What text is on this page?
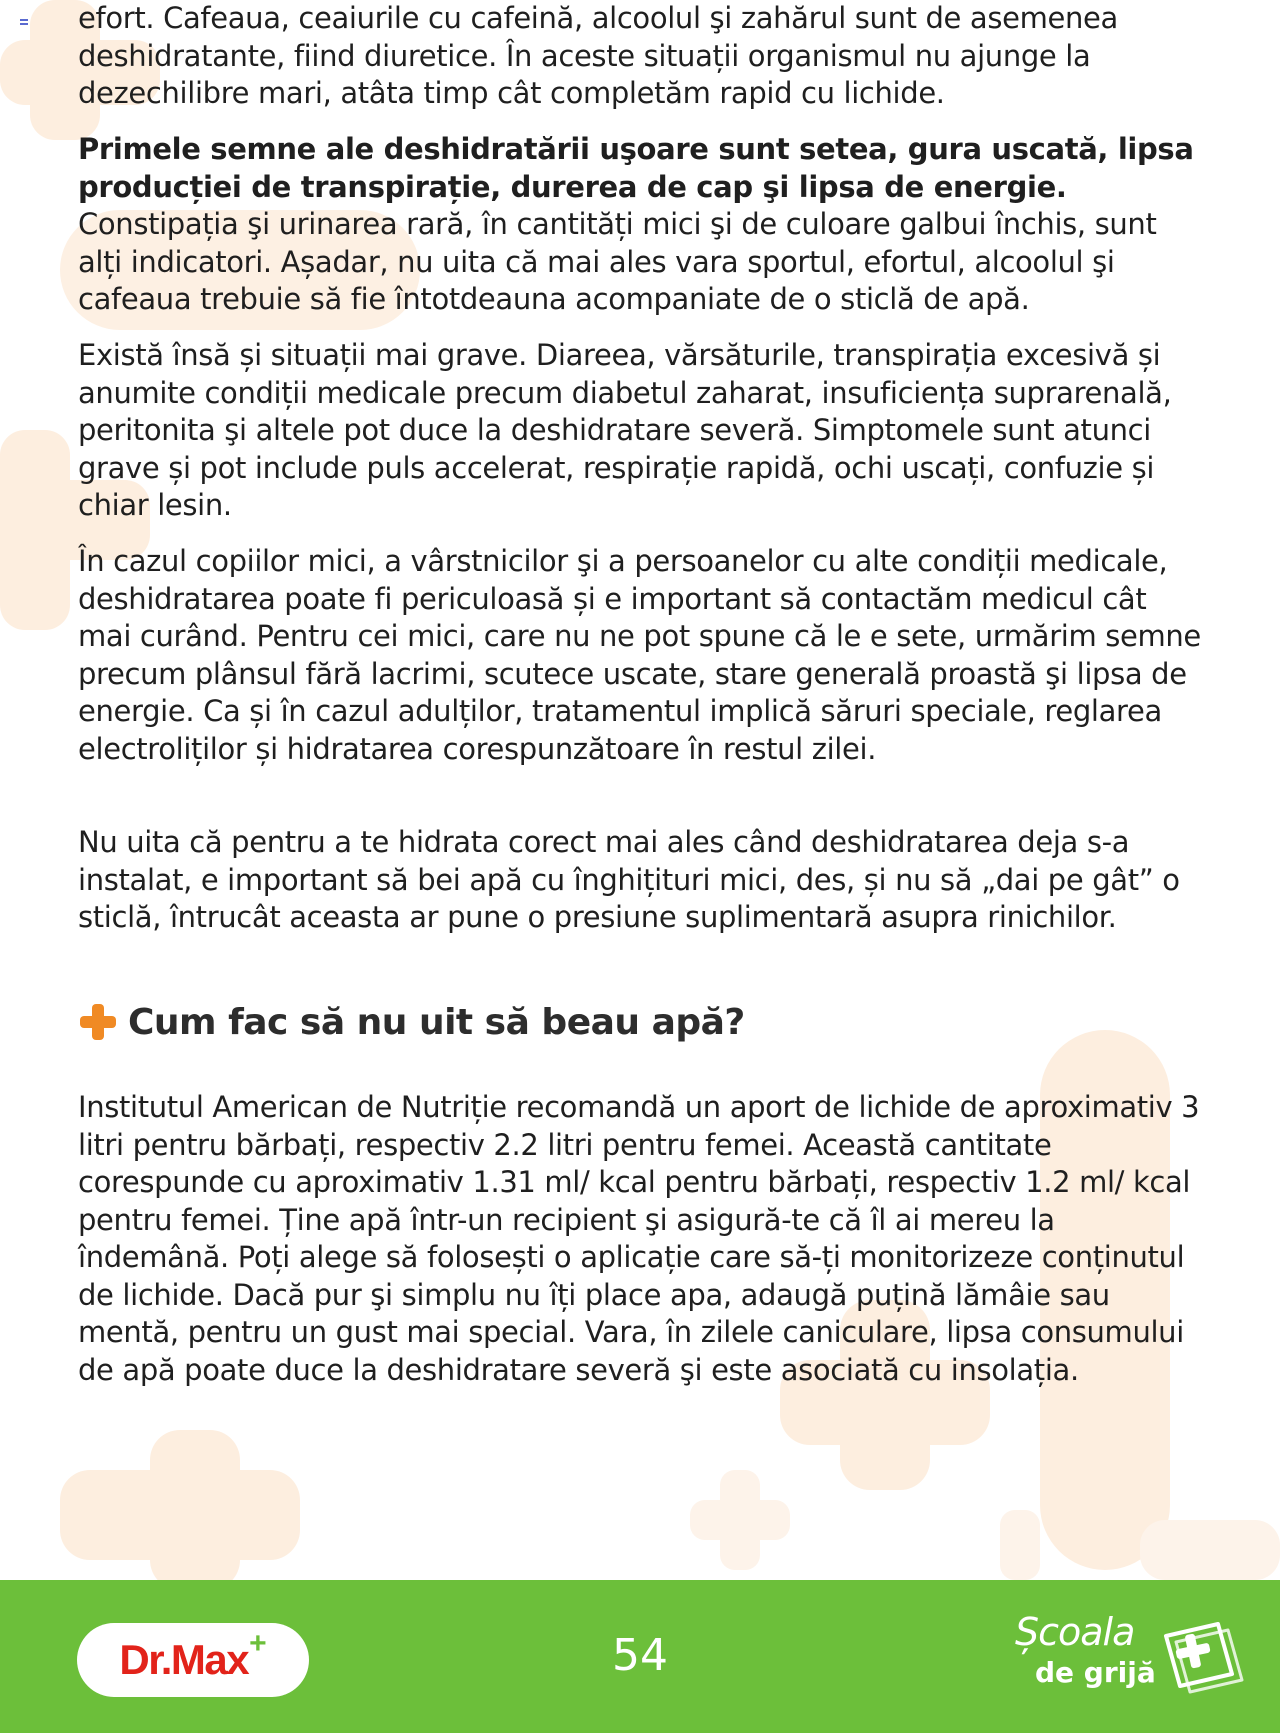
efort. Cafeaua, ceaiurile cu cafeină, alcoolul şi zahărul sunt de asemenea deshidratante, fiind diuretice. În aceste situații organismul nu ajunge la dezechilibre mari, atâta timp cât completăm rapid cu lichide.

Primele semne ale deshidratării uşoare sunt setea, gura uscată, lipsa producției de transpirație, durerea de cap şi lipsa de energie. Constipația şi urinarea rară, în cantități mici şi de culoare galbui închis, sunt alți indicatori. Așadar, nu uita că mai ales vara sportul, efortul, alcoolul şi cafeaua trebuie să fie întotdeauna acompaniate de o sticlă de apă.

Există însă și situații mai grave. Diareea, vărsăturile, transpirația excesivă și anumite condiții medicale precum diabetul zaharat, insuficiența suprarenală, peritonita şi altele pot duce la deshidratare severă. Simptomele sunt atunci grave și pot include puls accelerat, respirație rapidă, ochi uscați, confuzie și chiar lesin.

În cazul copiilor mici, a vârstnicilor şi a persoanelor cu alte condiții medicale, deshidratarea poate fi periculoasă și e important să contactăm medicul cât mai curând. Pentru cei mici, care nu ne pot spune că le e sete, urmărim semne precum plânsul fără lacrimi, scutece uscate, stare generală proastă şi lipsa de energie. Ca și în cazul adulților, tratamentul implică săruri speciale, reglarea electroliților și hidratarea corespunzătoare în restul zilei.

Nu uita că pentru a te hidrata corect mai ales când deshidratarea deja s-a instalat, e important să bei apă cu înghițituri mici, des, și nu să „dai pe gât” o sticlă, întrucât aceasta ar pune o presiune suplimentară asupra rinichilor.

Cum fac să nu uit să beau apă?

Institutul American de Nutriție recomandă un aport de lichide de aproximativ 3 litri pentru bărbați, respectiv 2.2 litri pentru femei. Această cantitate corespunde cu aproximativ 1.31 ml/ kcal pentru bărbați, respectiv 1.2 ml/ kcal pentru femei. Ține apă într-un recipient şi asigură-te că îl ai mereu la îndemână. Poți alege să folosești o aplicație care să-ți monitorizeze conținutul de lichide. Dacă pur şi simplu nu îți place apa, adaugă puțină lămâie sau mentă, pentru un gust mai special. Vara, în zilele caniculare, lipsa consumului de apă poate duce la deshidratare severă şi este asociată cu insolația.

Dr.Max +	54	Școala
de grijă
